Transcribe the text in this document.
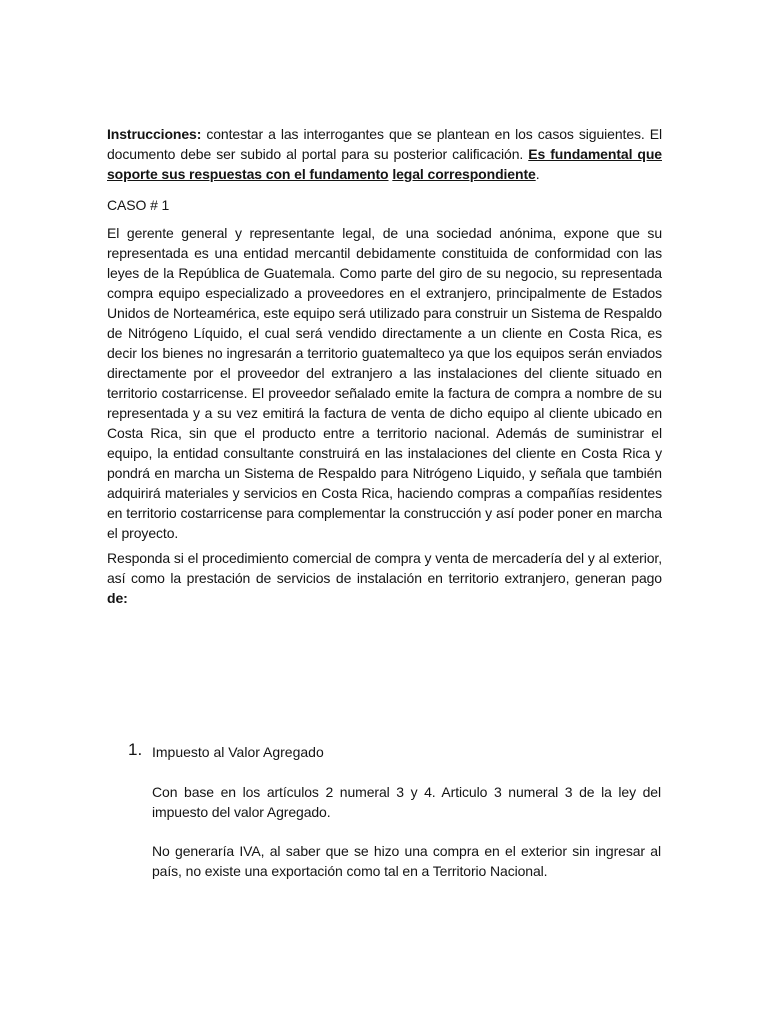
Instrucciones: contestar a las interrogantes que se plantean en los casos siguientes. El documento debe ser subido al portal para su posterior calificación. Es fundamental que soporte sus respuestas con el fundamento legal correspondiente.

CASO # 1

El gerente general y representante legal, de una sociedad anónima, expone que su representada es una entidad mercantil debidamente constituida de conformidad con las leyes de la República de Guatemala. Como parte del giro de su negocio, su representada compra equipo especializado a proveedores en el extranjero, principalmente de Estados Unidos de Norteamérica, este equipo será utilizado para construir un Sistema de Respaldo de Nitrógeno Líquido, el cual será vendido directamente a un cliente en Costa Rica, es decir los bienes no ingresarán a territorio guatemalteco ya que los equipos serán enviados directamente por el proveedor del extranjero a las instalaciones del cliente situado en territorio costarricense. El proveedor señalado emite la factura de compra a nombre de su representada y a su vez emitirá la factura de venta de dicho equipo al cliente ubicado en Costa Rica, sin que el producto entre a territorio nacional. Además de suministrar el equipo, la entidad consultante construirá en las instalaciones del cliente en Costa Rica y pondrá en marcha un Sistema de Respaldo para Nitrógeno Liquido, y señala que también adquirirá materiales y servicios en Costa Rica, haciendo compras a compañías residentes en territorio costarricense para complementar la construcción y así poder poner en marcha el proyecto.

Responda si el procedimiento comercial de compra y venta de mercadería del y al exterior, así como la prestación de servicios de instalación en territorio extranjero, generan pago de:

1. Impuesto al Valor Agregado

Con base en los artículos 2 numeral 3 y 4. Articulo 3 numeral 3 de la ley del impuesto del valor Agregado.

No generaría IVA, al saber que se hizo una compra en el exterior sin ingresar al país, no existe una exportación como tal en a Territorio Nacional.
